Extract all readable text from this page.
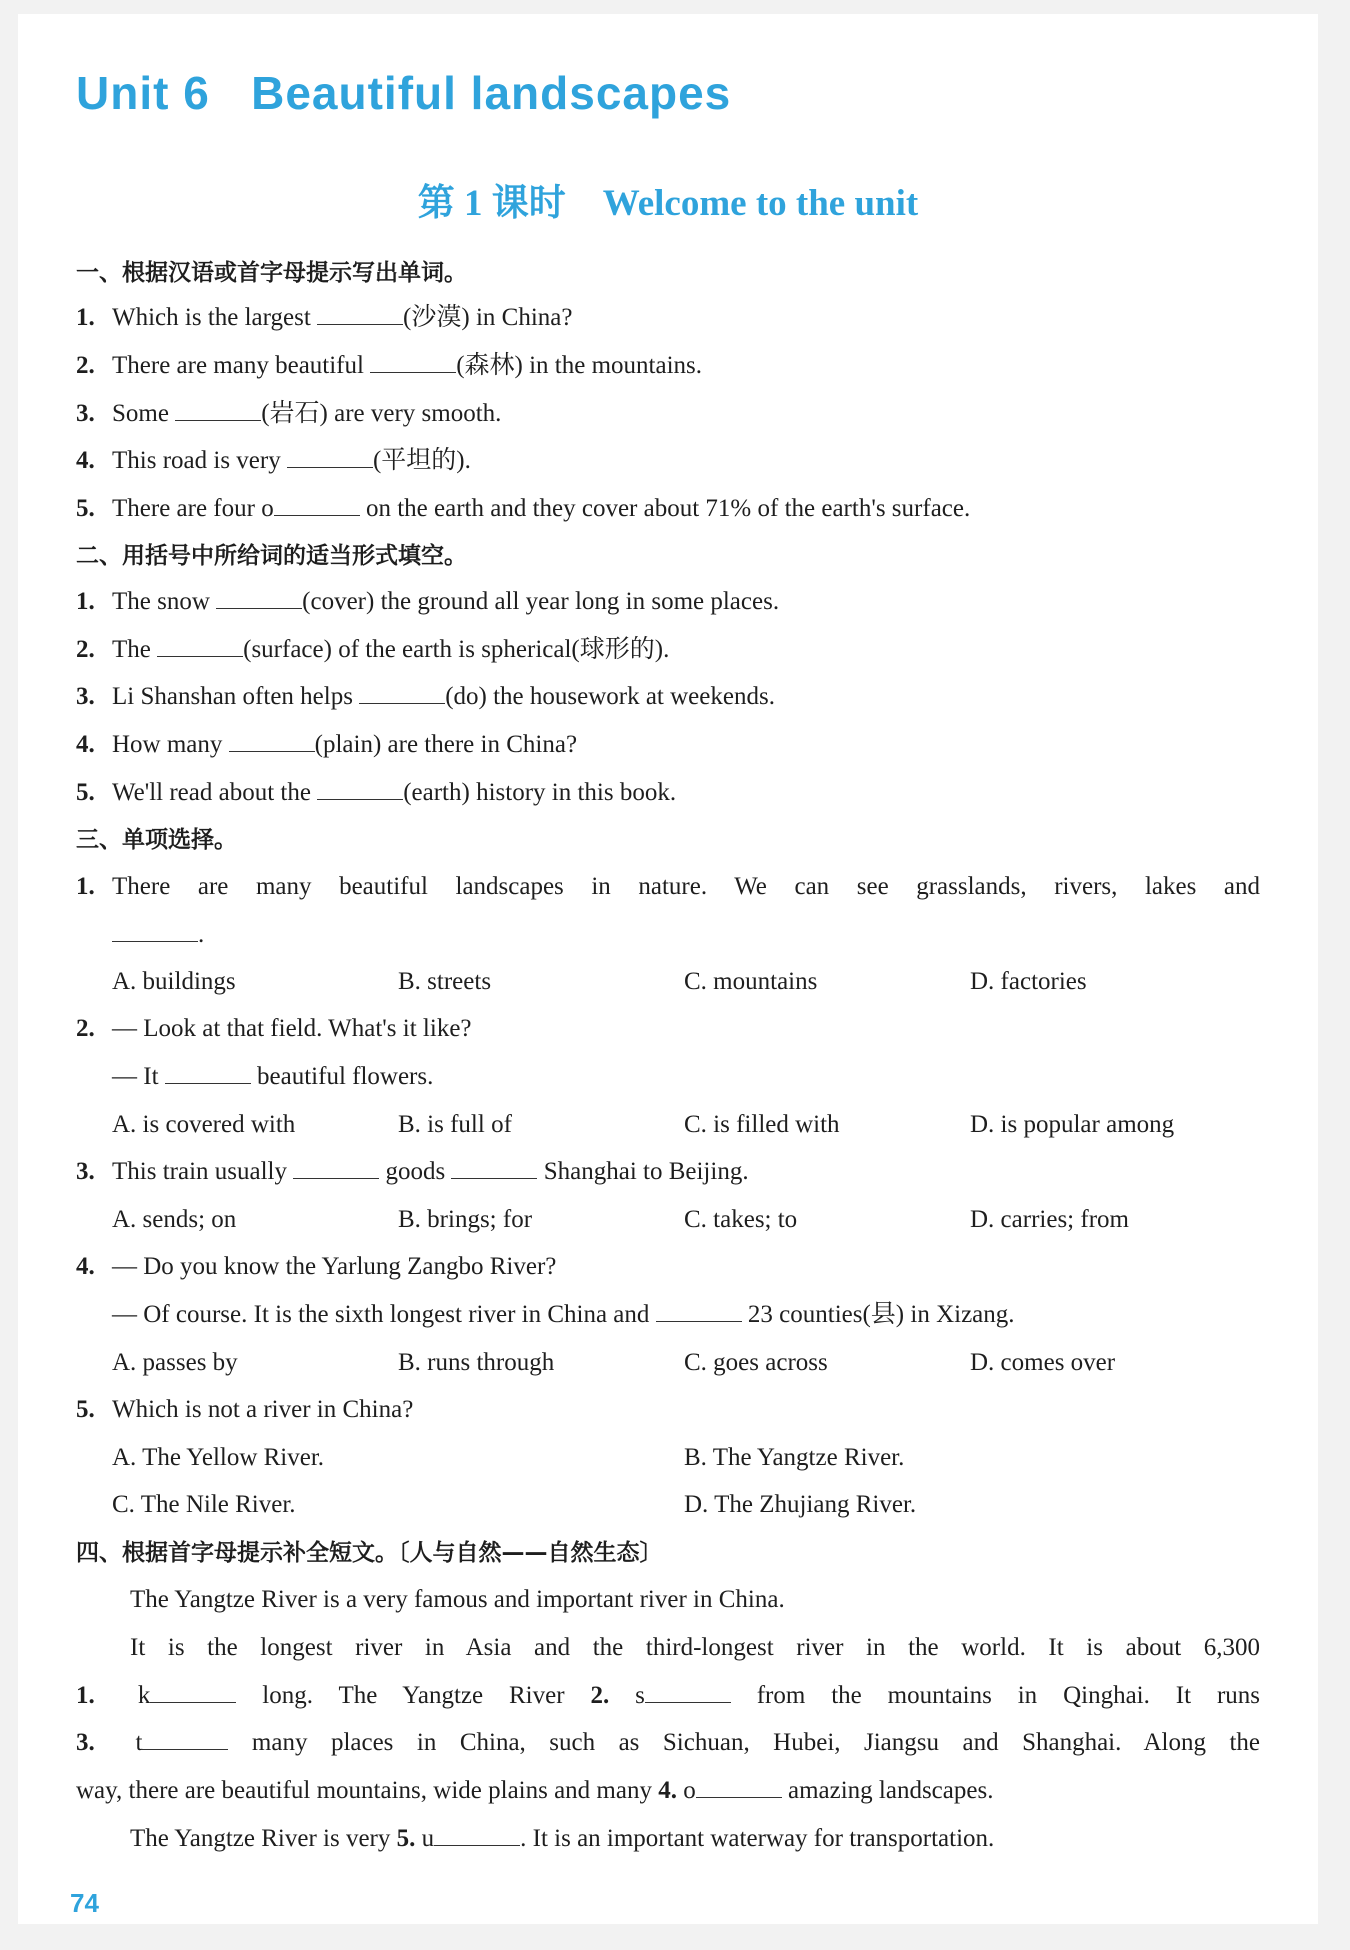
Unit 6   Beautiful landscapes
第 1 课时    Welcome to the unit
一、根据汉语或首字母提示写出单词。
1. Which is the largest	(沙漠) in China?
2. There are many beautiful	(森林) in the mountains.
3. Some	(岩石) are very smooth.
4. This road is very	(平坦的).
5. There are four o	on the earth and they cover about 71% of the earth's surface.
二、用括号中所给词的适当形式填空。
1. The snow	(cover) the ground all year long in some places.
2. The	(surface) of the earth is spherical(球形的).
3. Li Shanshan often helps	(do) the housework at weekends.
4. How many	(plain) are there in China?
5. We'll read about the	(earth) history in this book.
三、单项选择。
1. There are many beautiful landscapes in nature. We can see grasslands, rivers, lakes and
.
A. buildings	B. streets	C. mountains	D. factories
2. — Look at that field. What's it like?
— It	beautiful flowers.
A. is covered with	B. is full of	C. is filled with	D. is popular among
3. This train usually	goods	Shanghai to Beijing.
A. sends; on	B. brings; for	C. takes; to	D. carries; from
4. — Do you know the Yarlung Zangbo River?
— Of course. It is the sixth longest river in China and	23 counties(县) in Xizang.
A. passes by	B. runs through	C. goes across	D. comes over
5. Which is not a river in China?
A. The Yellow River.	B. The Yangtze River.
C. The Nile River.	D. The Zhujiang River.
四、根据首字母提示补全短文。〔人与自然——自然生态〕
The Yangtze River is a very famous and important river in China.
It is the longest river in Asia and the third-longest river in the world. It is about 6,300
1. k	long. The Yangtze River 2. s	from the mountains in Qinghai. It runs
3. t	many places in China, such as Sichuan, Hubei, Jiangsu and Shanghai. Along the
way, there are beautiful mountains, wide plains and many 4. o	amazing landscapes.
The Yangtze River is very 5. u	. It is an important waterway for transportation.
74
